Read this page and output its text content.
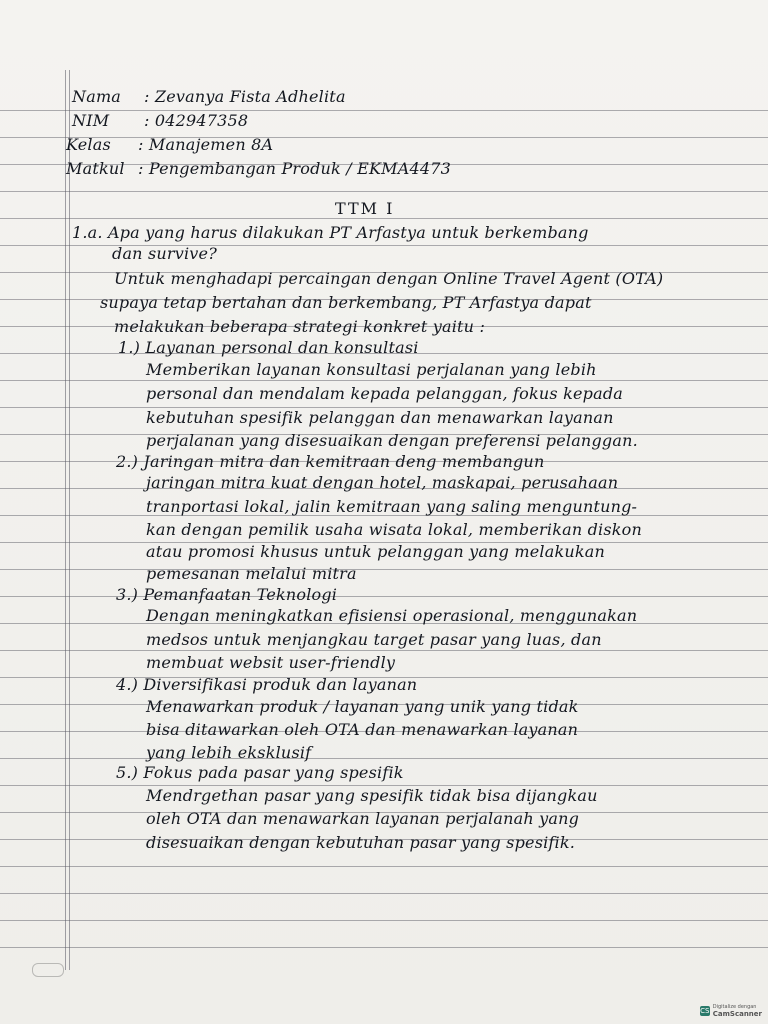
Nama : Zevanya Fista Adhelita
NIM : 042947358
Kelas : Manajemen 8A
Matkul : Pengembangan Produk / EKMA4473
TTM I
1.a. Apa yang harus dilakukan PT Arfastya untuk berkembang
dan survive?
Untuk menghadapi percaingan dengan Online Travel Agent (OTA)
supaya tetap bertahan dan berkembang, PT Arfastya dapat
melakukan beberapa strategi konkret yaitu :
1.) Layanan personal dan konsultasi
Memberikan layanan konsultasi perjalanan yang lebih
personal dan mendalam kepada pelanggan, fokus kepada
kebutuhan spesifik pelanggan dan menawarkan layanan
perjalanan yang disesuaikan dengan preferensi pelanggan.
2.) Jaringan mitra dan kemitraan deng membangun
jaringan mitra kuat dengan hotel, maskapai, perusahaan
tranportasi lokal, jalin kemitraan yang saling menguntung-
kan dengan pemilik usaha wisata lokal, memberikan diskon
atau promosi khusus untuk pelanggan yang melakukan
pemesanan melalui mitra
3.) Pemanfaatan Teknologi
Dengan meningkatkan efisiensi operasional, menggunakan
medsos untuk menjangkau target pasar yang luas, dan
membuat websit user-friendly
4.) Diversifikasi produk dan layanan
Menawarkan produk / layanan yang unik yang tidak
bisa ditawarkan oleh OTA dan menawarkan layanan
yang lebih eksklusif
5.) Fokus pada pasar yang spesifik
Mendrgethan pasar yang spesifik tidak bisa dijangkau
oleh OTA dan menawarkan layanan perjalanah yang
disesuaikan dengan kebutuhan pasar yang spesifik.
CS Digitalize dengan
CamScanner
